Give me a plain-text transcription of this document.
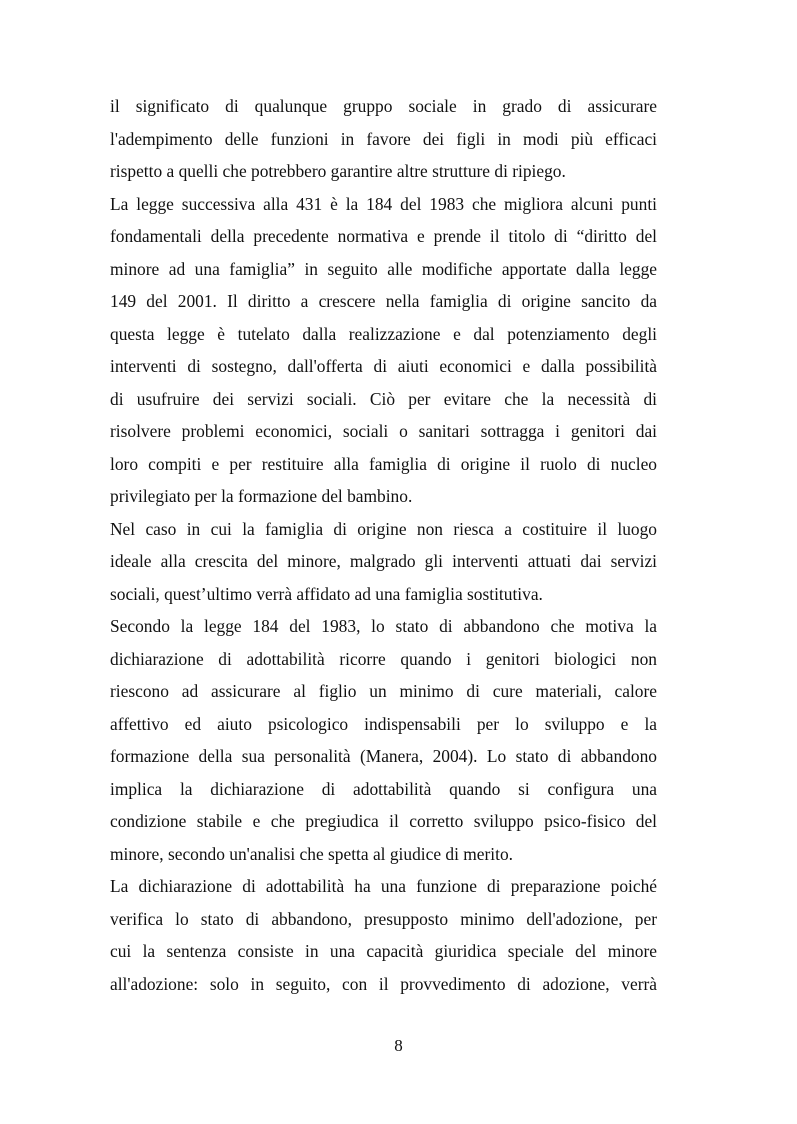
il significato di qualunque gruppo sociale in grado di assicurare
l'adempimento delle funzioni in favore dei figli in modi più efficaci
rispetto a quelli che potrebbero garantire altre strutture di ripiego.
La legge successiva alla 431 è la 184 del 1983 che migliora alcuni punti
fondamentali della precedente normativa e prende il titolo di “diritto del
minore ad una famiglia” in seguito alle modifiche apportate dalla legge
149 del 2001. Il diritto a crescere nella famiglia di origine sancito da
questa legge è tutelato dalla realizzazione e dal potenziamento degli
interventi di sostegno, dall'offerta di aiuti economici e dalla possibilità
di usufruire dei servizi sociali. Ciò per evitare che la necessità di
risolvere problemi economici, sociali o sanitari sottragga i genitori dai
loro compiti e per restituire alla famiglia di origine il ruolo di nucleo
privilegiato per la formazione del bambino.
Nel caso in cui la famiglia di origine non riesca a costituire il luogo
ideale alla crescita del minore, malgrado gli interventi attuati dai servizi
sociali, quest’ultimo verrà affidato ad una famiglia sostitutiva.
Secondo la legge 184 del 1983, lo stato di abbandono che motiva la
dichiarazione di adottabilità ricorre quando i genitori biologici non
riescono ad assicurare al figlio un minimo di cure materiali, calore
affettivo ed aiuto psicologico indispensabili per lo sviluppo e la
formazione della sua personalità (Manera, 2004). Lo stato di abbandono
implica la dichiarazione di adottabilità quando si configura una
condizione stabile e che pregiudica il corretto sviluppo psico-fisico del
minore, secondo un'analisi che spetta al giudice di merito.
La dichiarazione di adottabilità ha una funzione di preparazione poiché
verifica lo stato di abbandono, presupposto minimo dell'adozione, per
cui la sentenza consiste in una capacità giuridica speciale del minore
all'adozione: solo in seguito, con il provvedimento di adozione, verrà
8
